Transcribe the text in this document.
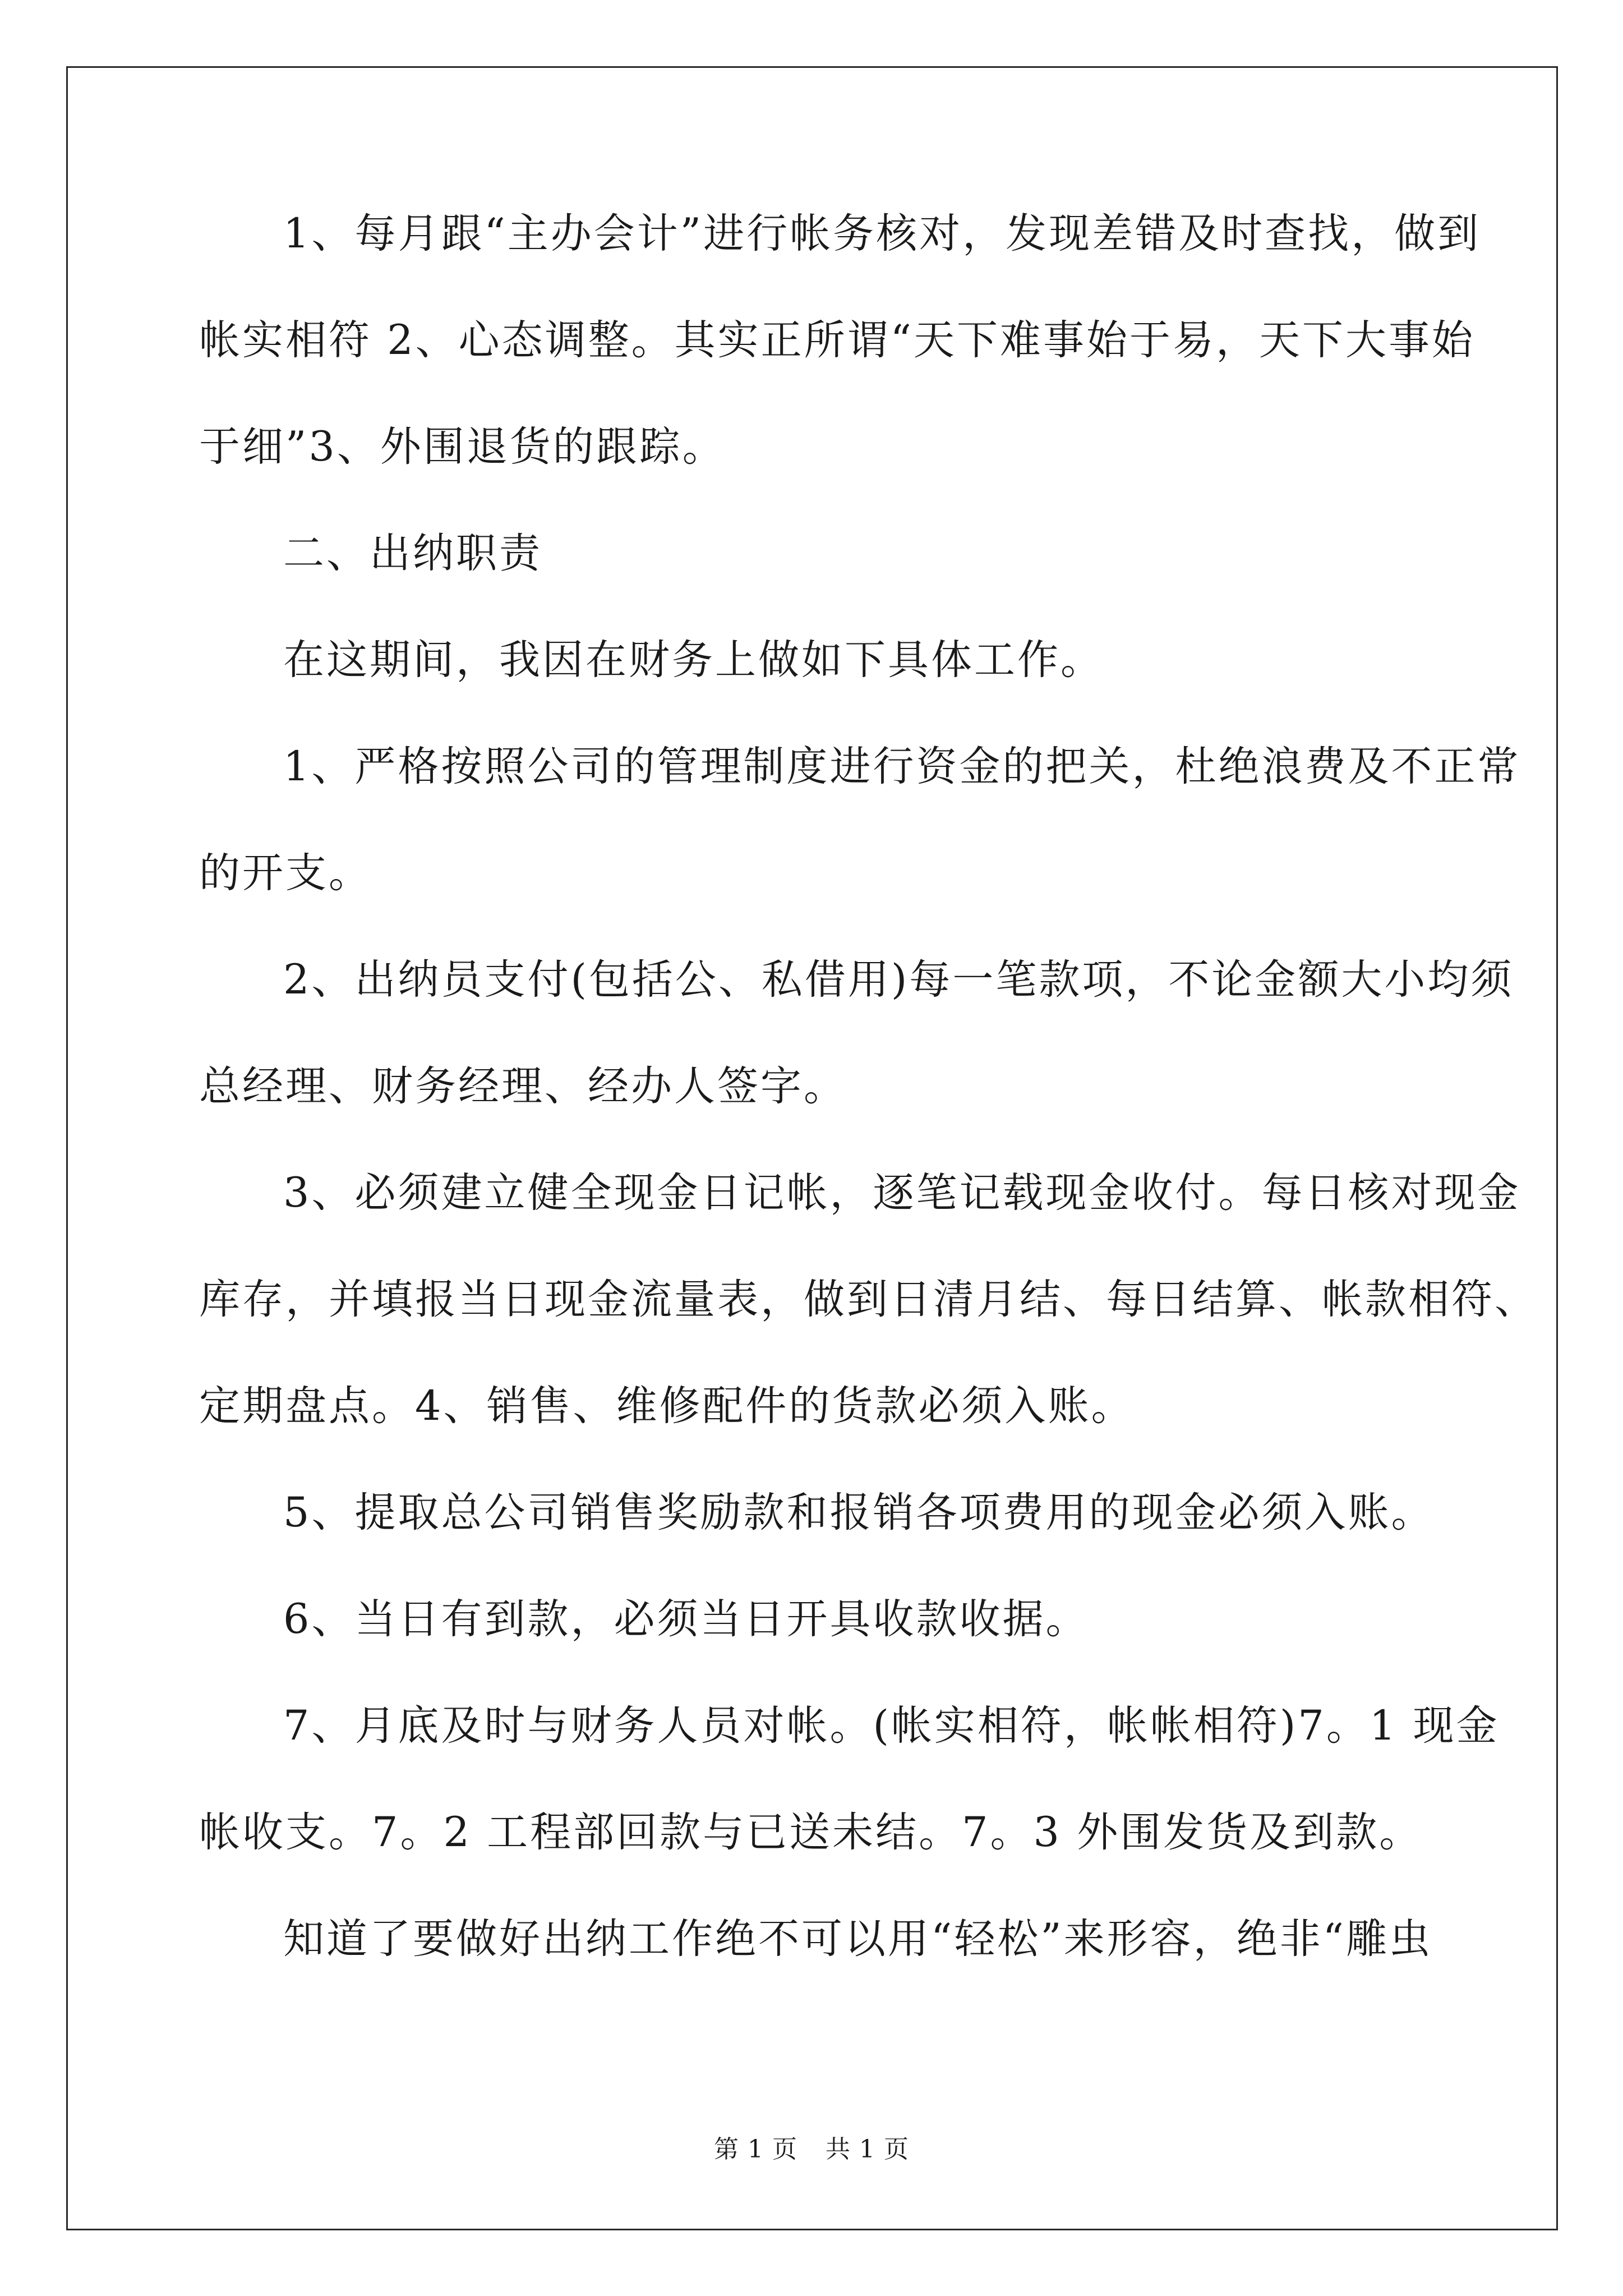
1、每月跟“主办会计”进行帐务核对，发现差错及时查找，做到
帐实相符 2、心态调整。其实正所谓“天下难事始于易，天下大事始
于细”3、外围退货的跟踪。
二、出纳职责
在这期间，我因在财务上做如下具体工作。
1、严格按照公司的管理制度进行资金的把关，杜绝浪费及不正常
的开支。
2、出纳员支付(包括公、私借用)每一笔款项，不论金额大小均须
总经理、财务经理、经办人签字。
3、必须建立健全现金日记帐，逐笔记载现金收付。每日核对现金
库存，并填报当日现金流量表，做到日清月结、每日结算、帐款相符、
定期盘点。4、销售、维修配件的货款必须入账。
5、提取总公司销售奖励款和报销各项费用的现金必须入账。
6、当日有到款，必须当日开具收款收据。
7、月底及时与财务人员对帐。(帐实相符，帐帐相符)7。1 现金
帐收支。7。2 工程部回款与已送未结。7。3 外围发货及到款。
知道了要做好出纳工作绝不可以用“轻松”来形容，绝非“雕虫
第 1 页 共 1 页
